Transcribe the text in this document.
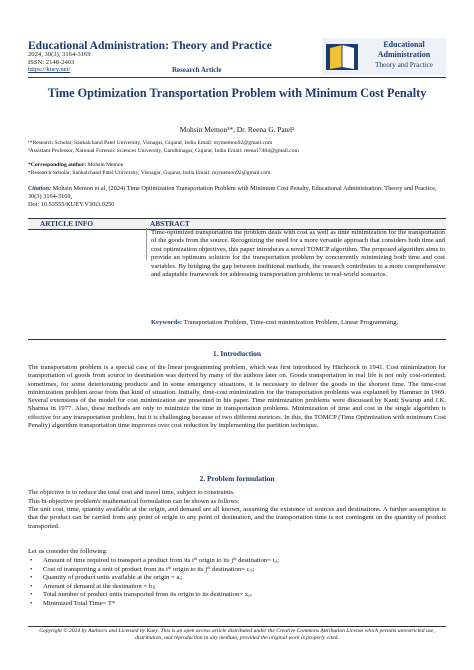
Educational Administration: Theory and Practice
2024, 30(3), 3164-3169
ISSN: 2148-2403
https://kuey.net/	Research Article
Educational
Administration
Theory and Practice
Time Optimization Transportation Problem with Minimum Cost Penalty
Mohsin Memon¹*, Dr. Reena G. Patel²
¹*Research Scholar, Sankalchand Patel University, Visnagar, Gujarat, India Email: mymemon92@gmail.com
²Assistant Professor, National Forensic Sciences University, Gandhinagar, Gujarat, India Email: reena17484@gmail.com
*Corresponding author: Mohsin Memon
*Research Scholar, Sankalchand Patel University, Visnagar, Gujarat, India Email: mymemon92@gmail.com
Citation: Mohsin Memon et al, (2024) Time Optimization Transportation Problem with Minimum Cost Penalty, Educational Administration: Theory and Practice, 30(3) 3164-3169,
Doi: 10.53555/KUEY.V30i3.9256
ARTICLE INFO	ABSTRACT
Time-optimized transportation the problem deals with cost as well as time minimization for the transportation of the goods from the source. Recognizing the need for a more versatile approach that considers both time and cost optimization objectives, this paper introduces a novel TOMCP algorithm. The proposed algorithm aims to provide an optimum solution for the transportation problem by concurrently minimizing both time and cost variables. By bridging the gap between traditional methods, the research contributes to a more comprehensive and adaptable framework for addressing transportation problems in real-world scenarios.
Keywords: Transportation Problem, Time-cost minimization Problem, Linear Programming.
1. Introduction
The transportation problem is a special case of the linear programming problem, which was first introduced by Hitchcock in 1941. Cost minimization for transportation of goods from source to destination was derived by many of the authors later on. Goods transportation in real life is not only cost-oriented; sometimes, for some deteriorating products and in some emergency situations, it is necessary to deliver the goods in the shortest time. The time-cost minimization problem arose from that kind of situation. Initially, time-cost minimization for the transportation problems was explained by Hammer in 1969. Several extensions of the model for cost minimization are presented in his paper. Time minimization problems were discussed by Kanti Swarup and J.K. Sharma in 1977. Also, these methods are only to minimize the time in transportation problems. Minimization of time and cost in the single algorithm is effective for any transportation problem, but it is challenging because of two different metrices. In this, the TOMCP (Time Optimization with minimum Cost Penalty) algorithm transportation time improves over cost reduction by implementing the partition technique.
2. Problem formulation
The objective is to reduce the total cost and travel time, subject to constraints.
This bi-objective problem's mathematical formulation can be shown as follows:
The unit cost, time, quantity available at the origin, and demand are all known, assuming the existence of sources and destinations. A further assumption is that the product can be carried from any point of origin to any point of destination, and the transportation time is not contingent on the quantity of product transported.
Let us consider the following:
•	Amount of time required to transport a product from its iᵗʰ origin to its jᵗʰ destination= tᵢⱼ;
•	Cost of transporting a unit of product from its iᵗʰ origin to its jᵗʰ destination= cᵢⱼ;
•	Quantity of product units available at the origin = aᵢ;
•	Amount of demand at the destination = bⱼ;
•	Total number of product units transported from its origin to its destination= xᵢⱼ.
•	Minimized Total Time= T*
Copyright © 2024 by Author/s and Licensed by Kuey. This is an open access article distributed under the Creative Commons Attribution License which permits unrestricted use, distribution, and reproduction in any medium, provided the original work is properly cited.
